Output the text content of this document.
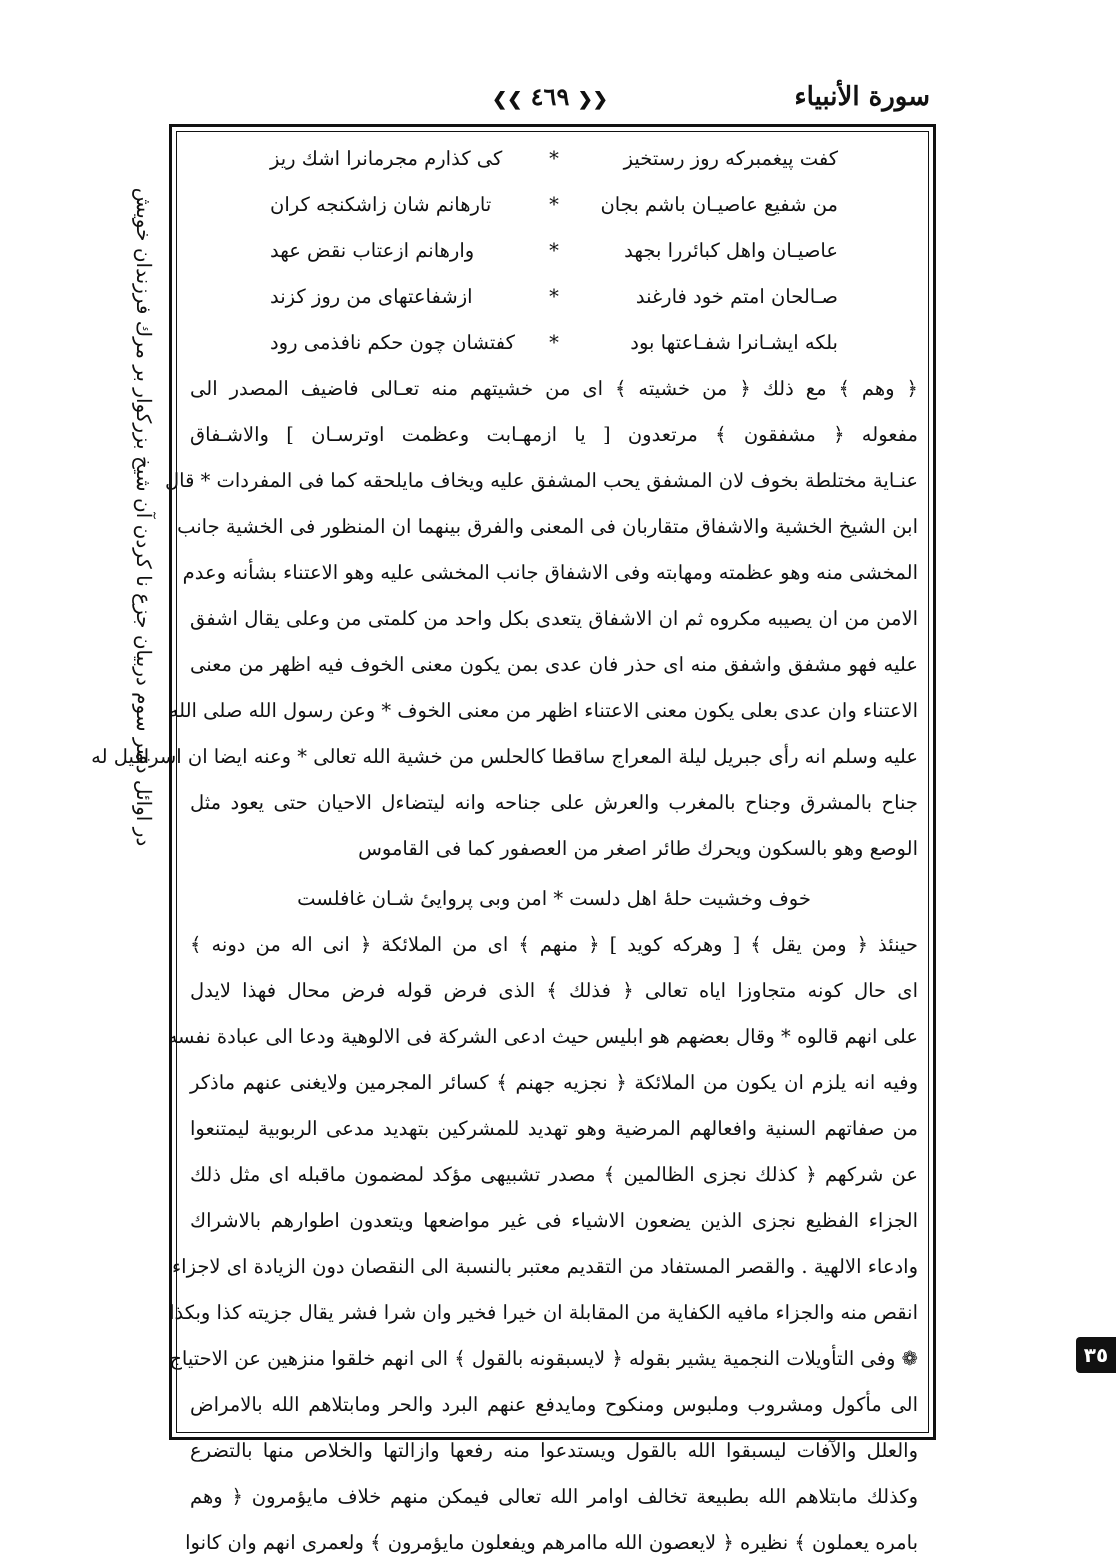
سورة الأنبياء
❮❮ ٤٦٩ ❯❯
در اوائل دفتر سوم دربيان جزع نا كردن آن شيخ بزركوار بر مرك فرزندان خويش
٣٥
كفت پيغمبركه روز رستخيز
*
كى كذارم مجرمانرا اشك ريز
من شفيع عاصيـان باشم بجان
*
تارهانم شان زاشكنجه كران
عاصيـان واهل كبائررا بجهد
*
وارهانم ازعتاب نقض عهد
صـالحان امتم خود فارغند
*
ازشفاعتهاى من روز كزند
بلكه ايشـانرا شفـاعتها بود
*
كفتشان چون حكم نافذمى رود
﴿ وهم ﴾ مع ذلك ﴿ من خشيته ﴾ اى من خشيتهم منه تعـالى فاضيف المصدر الى
مفعوله ﴿ مشفقون ﴾ مرتعدون [ يا ازمهـابت وعظمت اوترسـان ] والاشـفاق
عنـاية مختلطة بخوف لان المشفق يحب المشفق عليه ويخاف مايلحقه كما فى المفردات * قال
ابن الشيخ الخشية والاشفاق متقاربان فى المعنى والفرق بينهما ان المنظور فى الخشية جانب
المخشى منه وهو عظمته ومهابته وفى الاشفاق جانب المخشى عليه وهو الاعتناء بشأنه وعدم
الامن من ان يصيبه مكروه ثم ان الاشفاق يتعدى بكل واحد من كلمتى من وعلى يقال اشفق
عليه فهو مشفق واشفق منه اى حذر فان عدى بمن يكون معنى الخوف فيه اظهر من معنى
الاعتناء وان عدى بعلى يكون معنى الاعتناء اظهر من معنى الخوف * وعن رسول الله صلى الله
عليه وسلم انه رأى جبريل ليلة المعراج ساقطا كالحلس من خشية الله تعالى * وعنه ايضا ان اسرافيل له
جناح بالمشرق وجناح بالمغرب والعرش على جناحه وانه ليتضاءل الاحيان حتى يعود مثل
الوصع وهو بالسكون ويحرك طائر اصغر من العصفور كما فى القاموس
خوف وخشيت حلهٔ اهل دلست * امن وبى پروايىٔ شـان غافلست
حينئذ ﴿ ومن يقل ﴾ [ وهركه كويد ] ﴿ منهم ﴾ اى من الملائكة ﴿ انى اله من دونه ﴾
اى حال كونه متجاوزا اياه تعالى ﴿ فذلك ﴾ الذى فرض قوله فرض محال فهذا لايدل
على انهم قالوه * وقال بعضهم هو ابليس حيث ادعى الشركة فى الالوهية ودعا الى عبادة نفسه
وفيه انه يلزم ان يكون من الملائكة ﴿ نجزيه جهنم ﴾ كسائر المجرمين ولايغنى عنهم ماذكر
من صفاتهم السنية وافعالهم المرضية وهو تهديد للمشركين بتهديد مدعى الربوبية ليمتنعوا
عن شركهم ﴿ كذلك نجزى الظالمين ﴾ مصدر تشبيهى مؤكد لمضمون ماقبله اى مثل ذلك
الجزاء الفظيع نجزى الذين يضعون الاشياء فى غير مواضعها ويتعدون اطوارهم بالاشراك
وادعاء الالهية . والقصر المستفاد من التقديم معتبر بالنسبة الى النقصان دون الزيادة اى لاجزاء
انقص منه والجزاء مافيه الكفاية من المقابلة ان خيرا فخير وان شرا فشر يقال جزيته كذا وبكذا
❁ وفى التأويلات النجمية يشير بقوله ﴿ لايسبقونه بالقول ﴾ الى انهم خلقوا منزهين عن الاحتياج
الى مأكول ومشروب وملبوس ومنكوح ومايدفع عنهم البرد والحر ومابتلاهم الله بالامراض
والعلل والآفات ليسبقوا الله بالقول ويستدعوا منه رفعها وازالتها والخلاص منها بالتضرع
وكذلك مابتلاهم الله بطبيعة تخالف اوامر الله تعالى فيمكن منهم خلاف مايؤمرون ﴿ وهم
بامره يعملون ﴾ نظيره ﴿ لايعصون الله ماامرهم ويفعلون مايؤمرون ﴾ ولعمرى انهم وان كانوا
